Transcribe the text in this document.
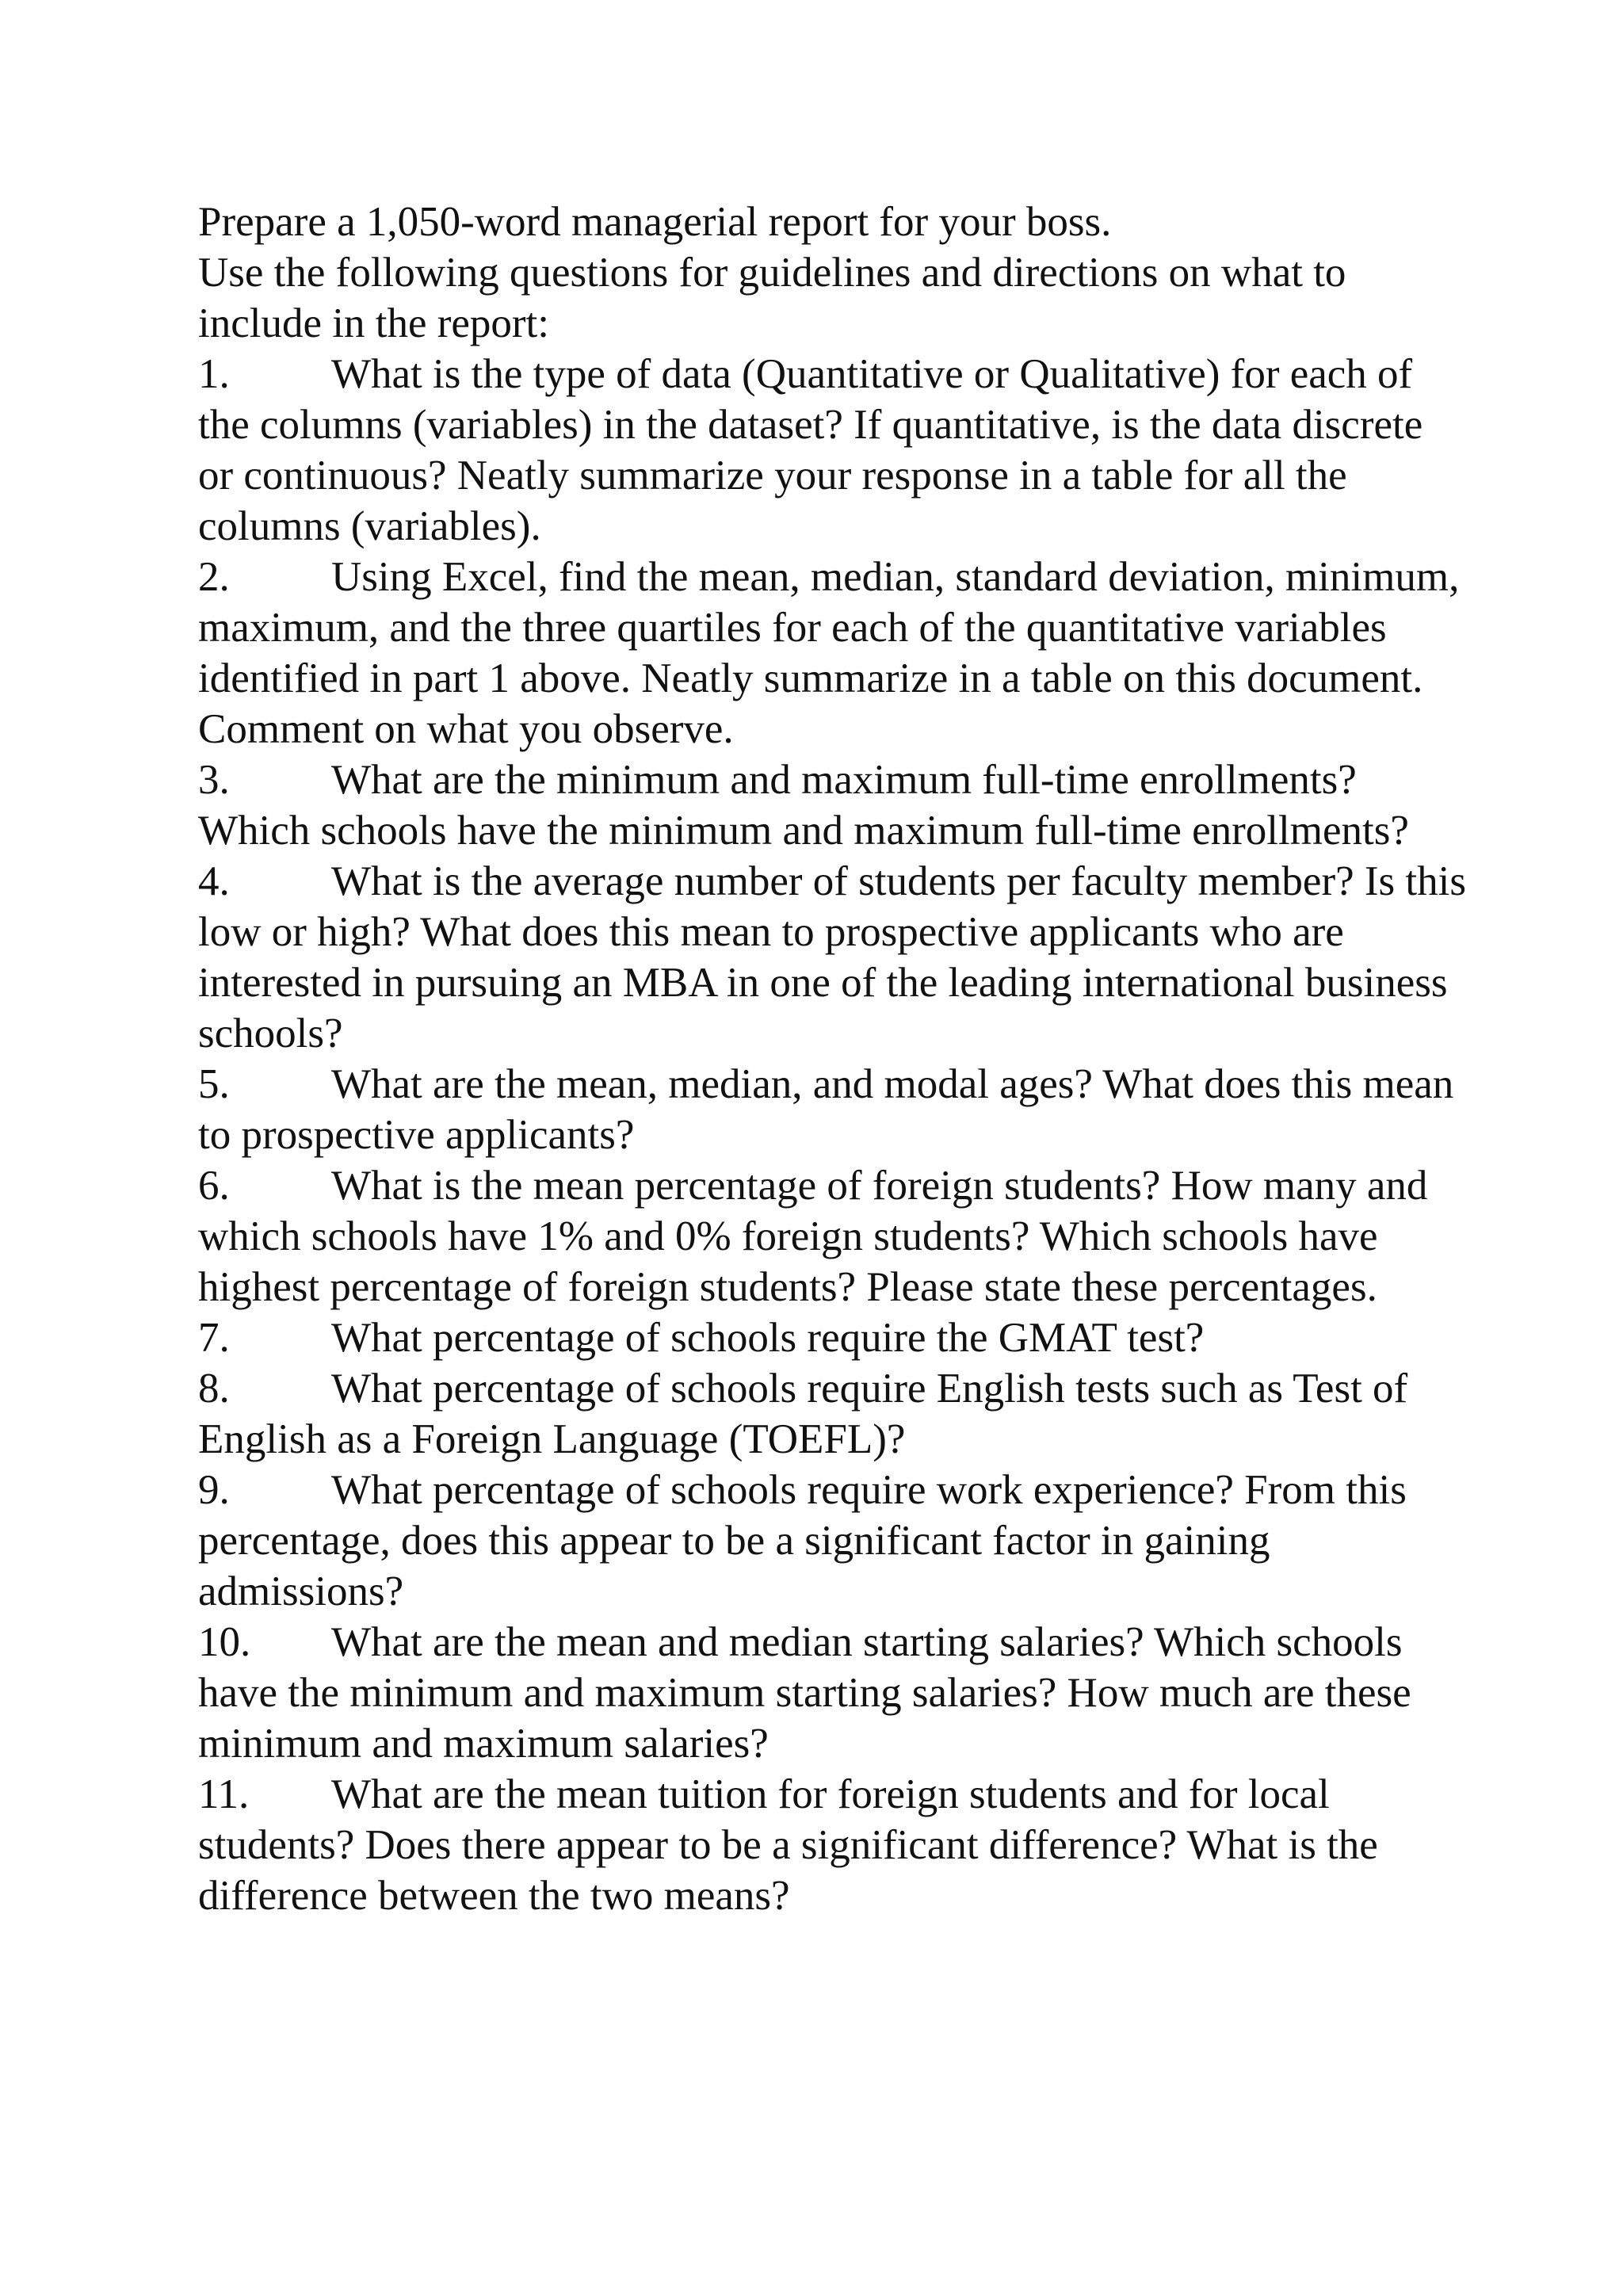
Prepare a 1,050-word managerial report for your boss.

Use the following questions for guidelines and directions on what to include in the report:

1. What is the type of data (Quantitative or Qualitative) for each of the columns (variables) in the dataset? If quantitative, is the data discrete or continuous? Neatly summarize your response in a table for all the columns (variables).
2. Using Excel, find the mean, median, standard deviation, minimum, maximum, and the three quartiles for each of the quantitative variables identified in part 1 above. Neatly summarize in a table on this document. Comment on what you observe.
3. What are the minimum and maximum full-time enrollments? Which schools have the minimum and maximum full-time enrollments?
4. What is the average number of students per faculty member? Is this low or high? What does this mean to prospective applicants who are interested in pursuing an MBA in one of the leading international business schools?
5. What are the mean, median, and modal ages? What does this mean to prospective applicants?
6. What is the mean percentage of foreign students? How many and which schools have 1% and 0% foreign students? Which schools have highest percentage of foreign students? Please state these percentages.
7. What percentage of schools require the GMAT test?
8. What percentage of schools require English tests such as Test of English as a Foreign Language (TOEFL)?
9. What percentage of schools require work experience? From this percentage, does this appear to be a significant factor in gaining admissions?
10. What are the mean and median starting salaries? Which schools have the minimum and maximum starting salaries? How much are these minimum and maximum salaries?
11. What are the mean tuition for foreign students and for local students? Does there appear to be a significant difference? What is the difference between the two means?
